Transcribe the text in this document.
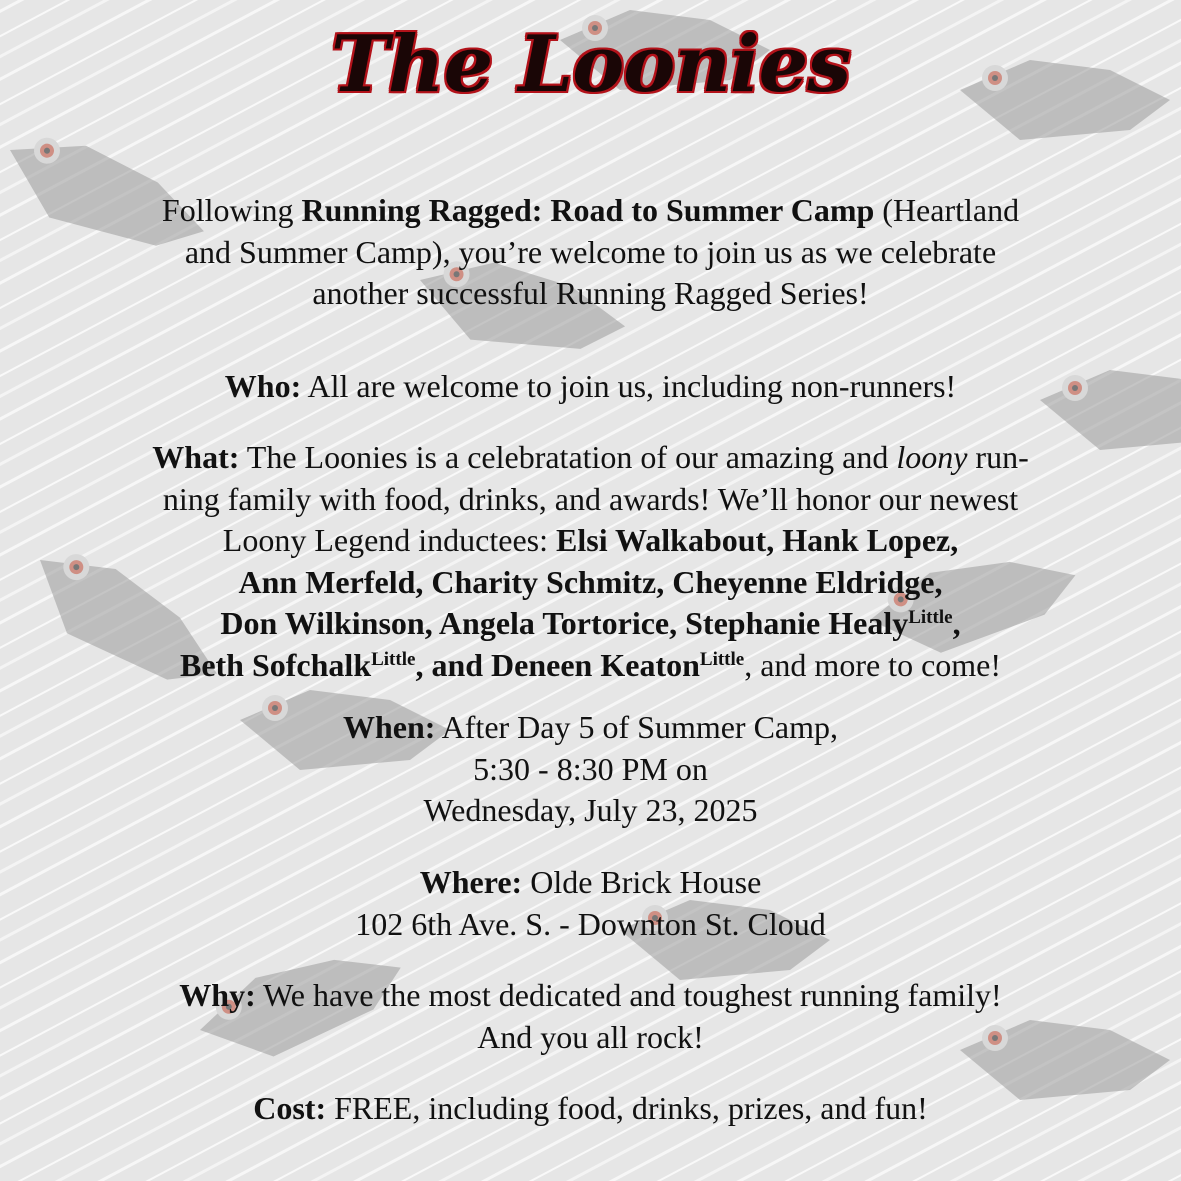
The Loonies
Following Running Ragged: Road to Summer Camp (Heartland
and Summer Camp), you’re welcome to join us as we celebrate
another successful Running Ragged Series!
Who: All are welcome to join us, including non-runners!
What: The Loonies is a celebratation of our amazing and loony run-
ning family with food, drinks, and awards! We’ll honor our newest
Loony Legend inductees: Elsi Walkabout, Hank Lopez,
Ann Merfeld, Charity Schmitz, Cheyenne Eldridge,
Don Wilkinson, Angela Tortorice, Stephanie Healy$^{Little}$,
Beth Sofchalk$^{Little}$, and Deneen Keaton$^{Little}$, and more to come!
When: After Day 5 of Summer Camp,
5:30 - 8:30 PM on
Wednesday, July 23, 2025
Where: Olde Brick House
102 6th Ave. S. - Downton St. Cloud
Why: We have the most dedicated and toughest running family!
And you all rock!
Cost: FREE, including food, drinks, prizes, and fun!
